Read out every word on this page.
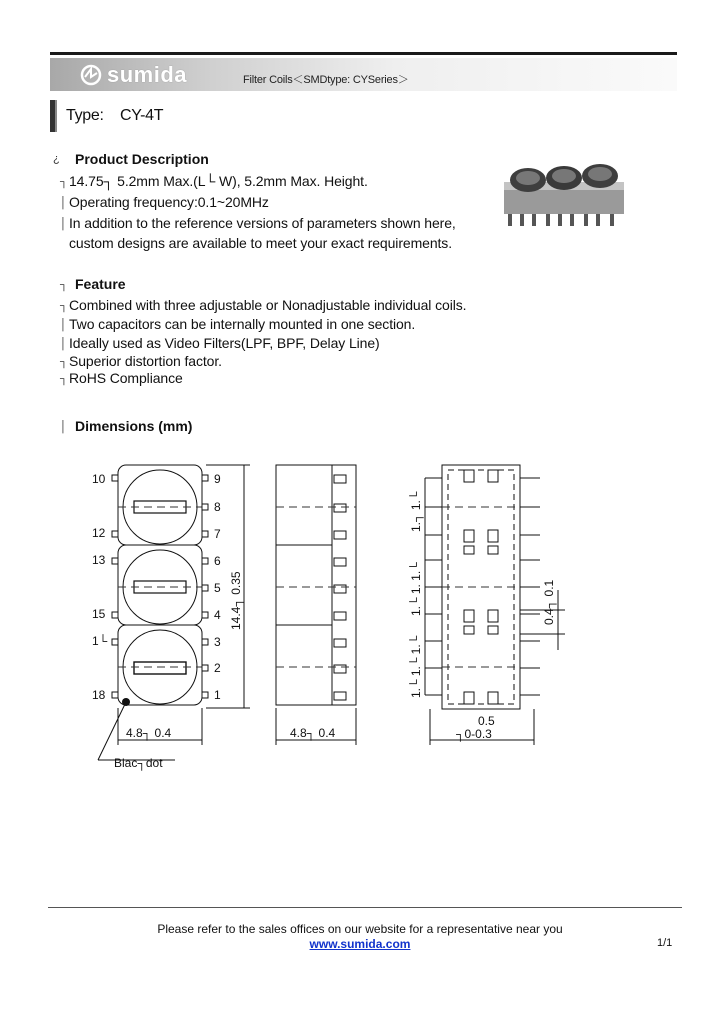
sumida	Filter Coils＜SMDtype: CYSeries＞
Type: CY-4T
¿ Product Description
┐ 14.75┐ 5.2mm Max.(L└ W), 5.2mm Max. Height.
│ Operating frequency:0.1~20MHz
│ In addition to the reference versions of parameters shown here,
custom designs are available to meet your exact requirements.
┐ Feature
┐ Combined with three adjustable or Nonadjustable individual coils.
│ Two capacitors can be internally mounted in one section.
│ Ideally used as Video Filters(LPF, BPF, Delay Line)
┐ Superior distortion factor.
┐ RoHS Compliance
│ Dimensions (mm)
10
12
13
15
1└
18
9
8
7
6
5
4
3
2
1
14.4┐ 0.35
4.8┐ 0.4	4.8┐ 0.4
Blac┐dot
0.5
┐0-0.3
1.┐ 1.└
1.└ 1. 1.└
1.└ 1.└ 1.└
0.4┐ 0.1
Please refer to the sales offices on our website for a representative near you
www.sumida.com	1/1
